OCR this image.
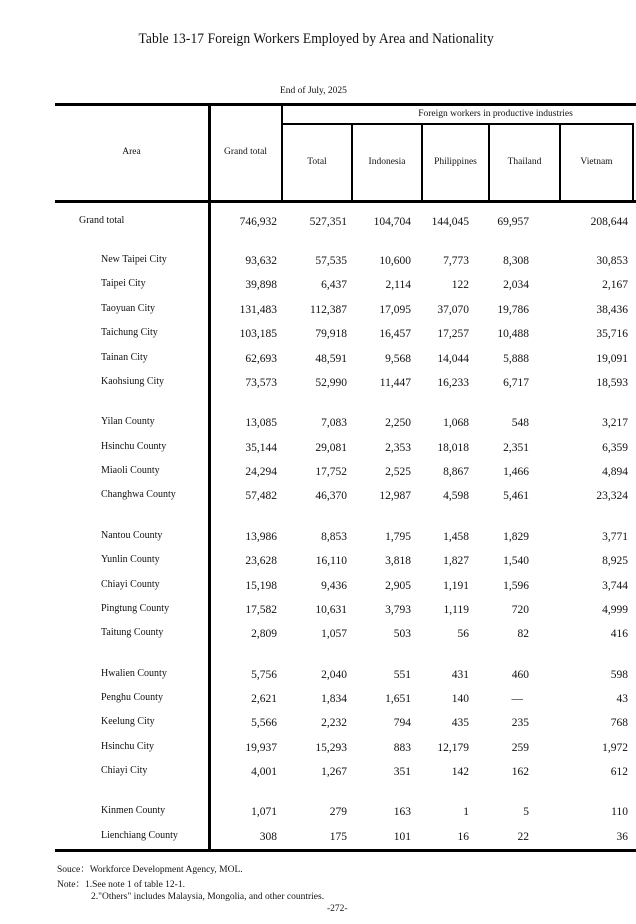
Table 13-17 Foreign Workers Employed by Area and Nationality
End of July, 2025
Area	Grand total
Foreign workers in productive industries
Total	Indonesia	Philippines	Thailand	Vietnam
Grand total	746,932	527,351	104,704	144,045	69,957	208,644
New Taipei City	93,632	57,535	10,600	7,773	8,308	30,853
Taipei City	39,898	6,437	2,114	122	2,034	2,167
Taoyuan City	131,483	112,387	17,095	37,070	19,786	38,436
Taichung City	103,185	79,918	16,457	17,257	10,488	35,716
Tainan City	62,693	48,591	9,568	14,044	5,888	19,091
Kaohsiung City	73,573	52,990	11,447	16,233	6,717	18,593
Yilan County	13,085	7,083	2,250	1,068	548	3,217
Hsinchu County	35,144	29,081	2,353	18,018	2,351	6,359
Miaoli County	24,294	17,752	2,525	8,867	1,466	4,894
Changhwa County	57,482	46,370	12,987	4,598	5,461	23,324
Nantou County	13,986	8,853	1,795	1,458	1,829	3,771
Yunlin County	23,628	16,110	3,818	1,827	1,540	8,925
Chiayi County	15,198	9,436	2,905	1,191	1,596	3,744
Pingtung County	17,582	10,631	3,793	1,119	720	4,999
Taitung County	2,809	1,057	503	56	82	416
Hwalien County	5,756	2,040	551	431	460	598
Penghu County	2,621	1,834	1,651	140	—	43
Keelung City	5,566	2,232	794	435	235	768
Hsinchu City	19,937	15,293	883	12,179	259	1,972
Chiayi City	4,001	1,267	351	142	162	612
Kinmen County	1,071	279	163	1	5	110
Lienchiang County	308	175	101	16	22	36
Souce：Workforce Development Agency, MOL.
Note：1.See note 1 of table 12-1.
2."Others" includes Malaysia, Mongolia, and other countries.
-272-
